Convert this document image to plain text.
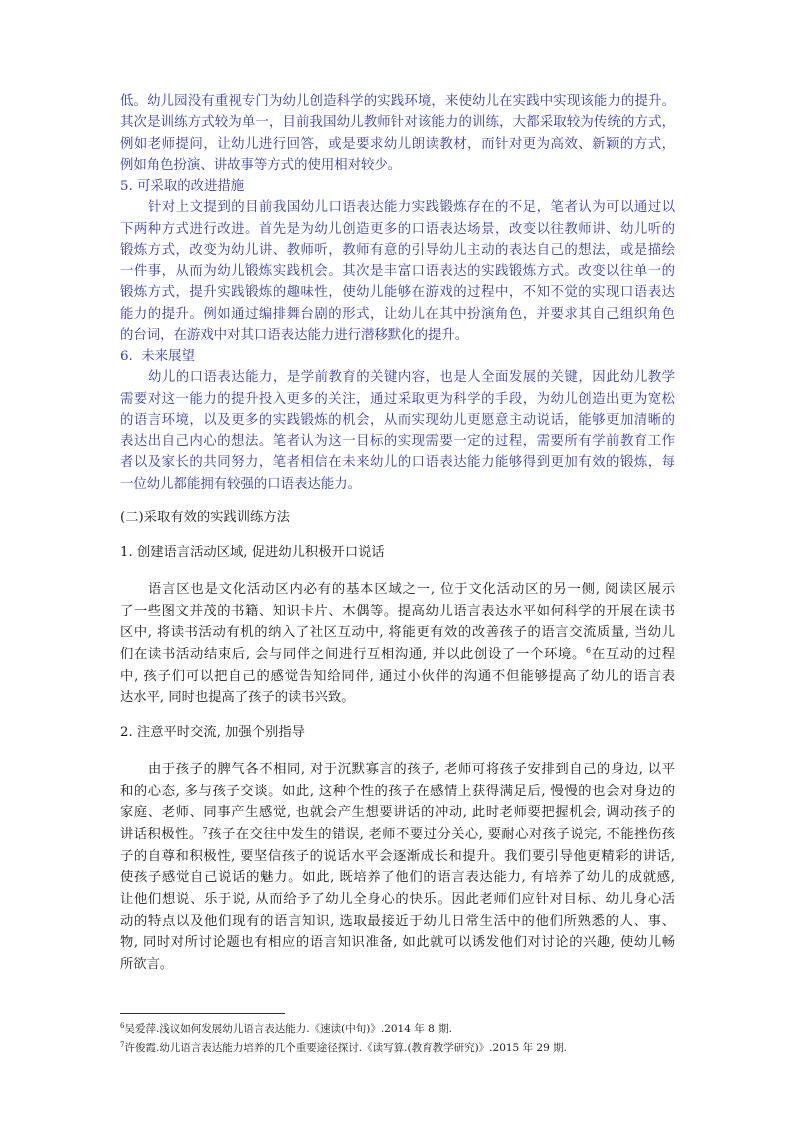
低。幼儿园没有重视专门为幼儿创造科学的实践环境，来使幼儿在实践中实现该能力的提升。
其次是训练方式较为单一，目前我国幼儿教师针对该能力的训练，大都采取较为传统的方式，
例如老师提问，让幼儿进行回答，或是要求幼儿朗读教材，而针对更为高效、新颖的方式，
例如角色扮演、讲故事等方式的使用相对较少。
5. 可采取的改进措施
针对上文提到的目前我国幼儿口语表达能力实践锻炼存在的不足，笔者认为可以通过以
下两种方式进行改进。首先是为幼儿创造更多的口语表达场景，改变以往教师讲、幼儿听的
锻炼方式，改变为幼儿讲、教师听，教师有意的引导幼儿主动的表达自己的想法，或是描绘
一件事，从而为幼儿锻炼实践机会。其次是丰富口语表达的实践锻炼方式。改变以往单一的
锻炼方式，提升实践锻炼的趣味性，使幼儿能够在游戏的过程中，不知不觉的实现口语表达
能力的提升。例如通过编排舞台剧的形式，让幼儿在其中扮演角色，并要求其自己组织角色
的台词，在游戏中对其口语表达能力进行潜移默化的提升。
6.  未来展望
幼儿的口语表达能力，是学前教育的关键内容，也是人全面发展的关键，因此幼儿教学
需要对这一能力的提升投入更多的关注，通过采取更为科学的手段，为幼儿创造出更为宽松
的语言环境，以及更多的实践锻炼的机会，从而实现幼儿更愿意主动说话，能够更加清晰的
表达出自己内心的想法。笔者认为这一目标的实现需要一定的过程，需要所有学前教育工作
者以及家长的共同努力，笔者相信在未来幼儿的口语表达能力能够得到更加有效的锻炼，每
一位幼儿都能拥有较强的口语表达能力。
(二)采取有效的实践训练方法
1. 创建语言活动区域, 促进幼儿积极开口说话
语言区也是文化活动区内必有的基本区域之一, 位于文化活动区的另一侧, 阅读区展示
了一些图文并茂的书籍、知识卡片、木偶等。提高幼儿语言表达水平如何科学的开展在读书
区中, 将读书活动有机的纳入了社区互动中, 将能更有效的改善孩子的语言交流质量, 当幼儿
们在读书活动结束后, 会与同伴之间进行互相沟通, 并以此创设了一个环境。$^6$在互动的过程
中, 孩子们可以把自己的感觉告知给同伴, 通过小伙伴的沟通不但能够提高了幼儿的语言表
达水平, 同时也提高了孩子的读书兴致。
2. 注意平时交流, 加强个别指导
由于孩子的脾气各不相同, 对于沉默寡言的孩子, 老师可将孩子安排到自己的身边, 以平
和的心态, 多与孩子交谈。如此, 这种个性的孩子在感情上获得满足后, 慢慢的也会对身边的
家庭、老师、同事产生感觉, 也就会产生想要讲话的冲动, 此时老师要把握机会, 调动孩子的
讲话积极性。$^7$孩子在交往中发生的错误, 老师不要过分关心, 要耐心对孩子说完, 不能挫伤孩
子的自尊和积极性, 要坚信孩子的说话水平会逐渐成长和提升。我们要引导他更精彩的讲话,
使孩子感觉自己说话的魅力。如此, 既培养了他们的语言表达能力, 有培养了幼儿的成就感,
让他们想说、乐于说, 从而给予了幼儿全身心的快乐。因此老师们应针对目标、幼儿身心活
动的特点以及他们现有的语言知识, 选取最接近于幼儿日常生活中的他们所熟悉的人、事、
物, 同时对所讨论题也有相应的语言知识准备, 如此就可以诱发他们对讨论的兴趣, 使幼儿畅
所欲言。
$^6$吴爱萍.浅议如何发展幼儿语言表达能力.《速读(中旬)》.2014 年 8 期.
$^7$许俊霞.幼儿语言表达能力培养的几个重要途径探讨.《读写算.(教育教学研究)》.2015 年 29 期.
